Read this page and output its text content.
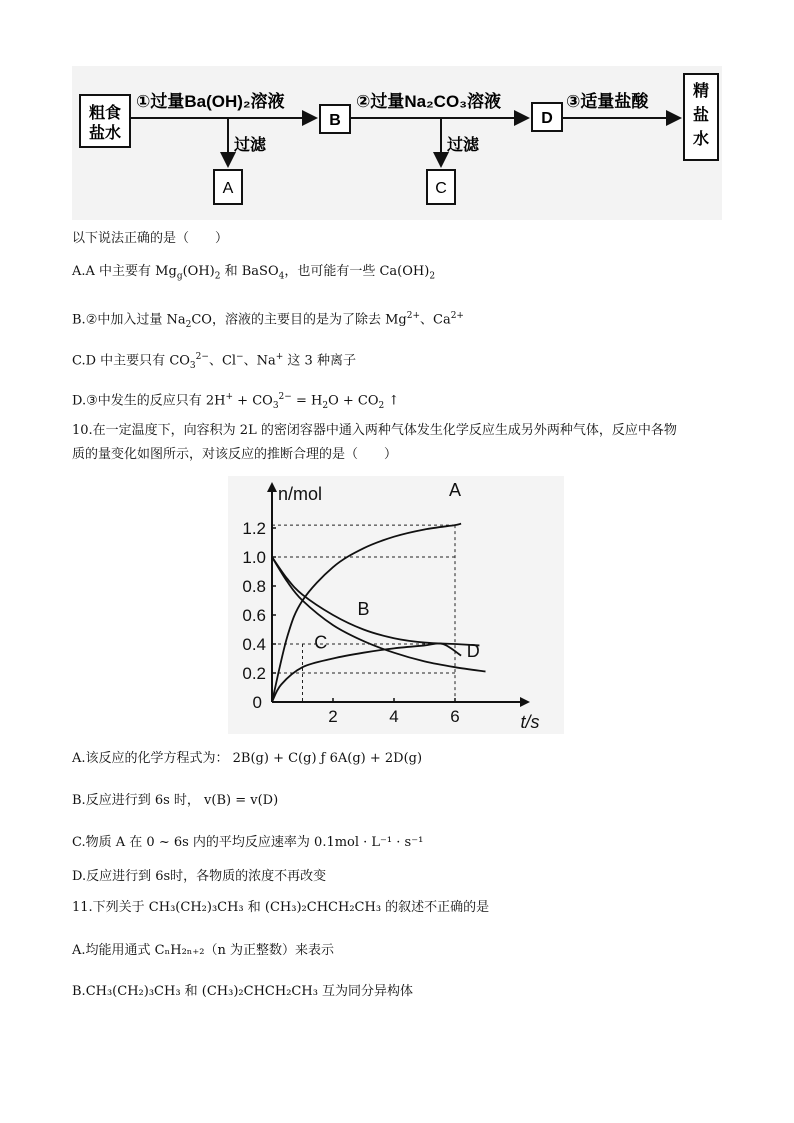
粗食
盐水
①过量Ba(OH)₂溶液
B
②过量Na₂CO₃溶液
D
③适量盐酸
精
盐
水
过滤
A
过滤
C
以下说法正确的是（　　）
A.A 中主要有 $Mg_g(OH)_2$ 和 BaSO$_4$，也可能有一些 $Ca(OH)_2$
B.②中加入过量 $Na_2CO$，溶液的主要目的是为了除去 $Mg^{2+}$、$Ca^{2+}$
C.D 中主要只有 $CO_3^{2-}$、Cl−、Na+ 这 3 种离子
D.③中发生的反应只有 $2H^+ + CO_3^{2-} = H_2O + CO_2$ ↑
10.在一定温度下，向容积为 2L 的密闭容器中通入两种气体发生化学反应生成另外两种气体，反应中各物
质的量变化如图所示，对该反应的推断合理的是（　　）
0.2
0.4
0.6
0.8
1.0
1.2
0
2	4	6
n/mol
t/s
A
B
C	D
A.该反应的化学方程式为： 2B(g) + C(g) ƒ 6A(g) + 2D(g)
B.反应进行到 6s 时， v(B) = v(D)
C.物质 A 在 0 ~ 6s 内的平均反应速率为 0.1mol · L⁻¹ · s⁻¹
D.反应进行到 6s时，各物质的浓度不再改变
11.下列关于 CH₃(CH₂)₃CH₃ 和 (CH₃)₂CHCH₂CH₃ 的叙述不正确的是
A.均能用通式 CₙH₂ₙ₊₂（n 为正整数）来表示
B.CH₃(CH₂)₃CH₃ 和 (CH₃)₂CHCH₂CH₃ 互为同分异构体
